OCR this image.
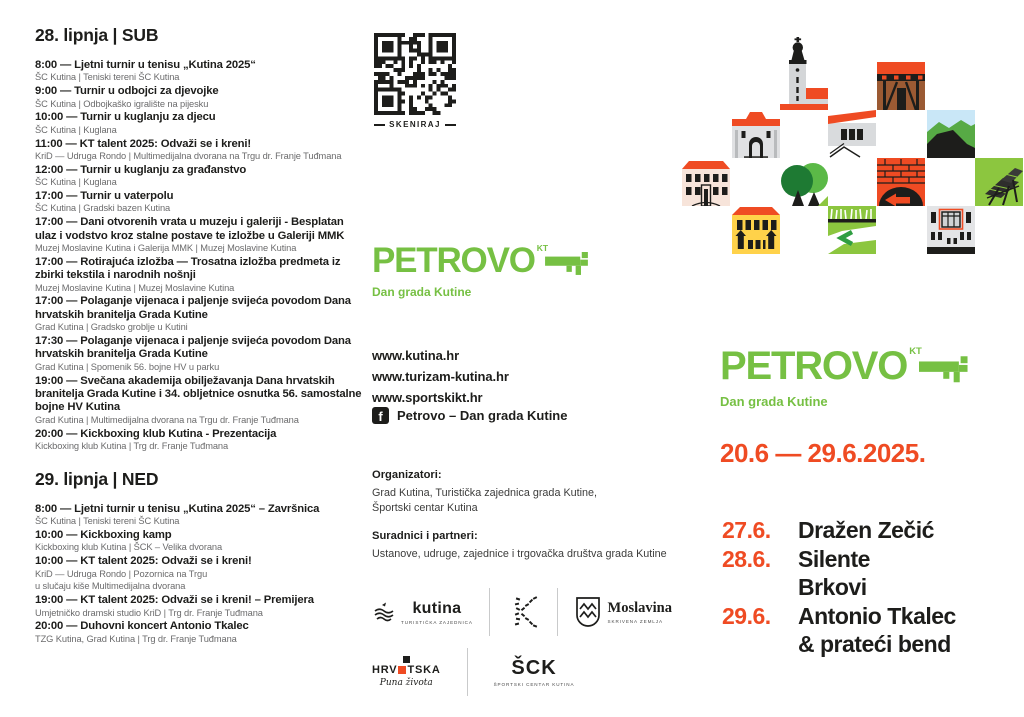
28. lipnja | SUB
8:00 — Ljetni turnir u tenisu „Kutina 2025“
ŠC Kutina | Teniski tereni ŠC Kutina
9:00 — Turnir u odbojci za djevojke
ŠC Kutina | Odbojkaško igralište na pijesku
10:00 — Turnir u kuglanju za djecu
ŠC Kutina | Kuglana
11:00 — KT talent 2025: Odvaži se i kreni!
KriD — Udruga Rondo | Multimedijalna dvorana na Trgu dr. Franje Tuđmana
12:00 — Turnir u kuglanju za građanstvo
ŠC Kutina | Kuglana
17:00 — Turnir u vaterpolu
ŠC Kutina | Gradski bazen Kutina
17:00 — Dani otvorenih vrata u muzeju i galeriji - Besplatan ulaz i vodstvo kroz stalne postave te izložbe u Galeriji MMK
Muzej Moslavine Kutina i Galerija MMK | Muzej Moslavine Kutina
17:00 — Rotirajuća izložba — Trosatna izložba predmeta iz zbirki tekstila i narodnih nošnji
Muzej Moslavine Kutina | Muzej Moslavine Kutina
17:00 — Polaganje vijenaca i paljenje svijeća povodom Dana hrvatskih branitelja Grada Kutine
Grad Kutina | Gradsko groblje u Kutini
17:30 — Polaganje vijenaca i paljenje svijeća povodom Dana hrvatskih branitelja Grada Kutine
Grad Kutina | Spomenik 56. bojne HV u parku
19:00 — Svečana akademija obilježavanja Dana hrvatskih branitelja Grada Kutine i 34. obljetnice osnutka 56. samostalne bojne HV Kutina
Grad Kutina | Multimedijalna dvorana na Trgu dr. Franje Tuđmana
20:00 — Kickboxing klub Kutina - Prezentacija
Kickboxing klub Kutina | Trg dr. Franje Tuđmana
29. lipnja | NED
8:00 — Ljetni turnir u tenisu „Kutina 2025“ – Završnica
ŠC Kutina | Teniski tereni ŠC Kutina
10:00 — Kickboxing kamp
Kickboxing klub Kutina | ŠCK – Velika dvorana
10:00 — KT talent 2025: Odvaži se i kreni!
KriD — Udruga Rondo | Pozornica na Trgu
u slučaju kiše Multimedijalna dvorana
19:00 — KT talent 2025: Odvaži se i kreni! – Premijera
Umjetničko dramski studio KriD | Trg dr. Franje Tuđmana
20:00 — Duhovni koncert Antonio Tkalec
TZG Kutina, Grad Kutina | Trg dr. Franje Tuđmana
SKENIRAJ
PETROVO KT
Dan grada Kutine
www.kutina.hr
www.turizam-kutina.hr
www.sportskikt.hr
f	Petrovo – Dan grada Kutine
Organizatori:
Grad Kutina, Turistička zajednica grada Kutine,
Športski centar Kutina
Suradnici i partneri:
Ustanove, udruge, zajednice i trgovačka društva grada Kutine
kutina
TURISTIČKA ZAJEDNICA
Moslavina
SKRIVENA ZEMLJA
HRV TSKA
Puna života
ŠCK
ŠPORTSKI CENTAR KUTINA
PETROVO KT
Dan grada Kutine
20.6 — 29.6.2025.
27.6.	Dražen Zečić
28.6.	Silente
Brkovi
29.6.	Antonio Tkalec
& prateći bend
